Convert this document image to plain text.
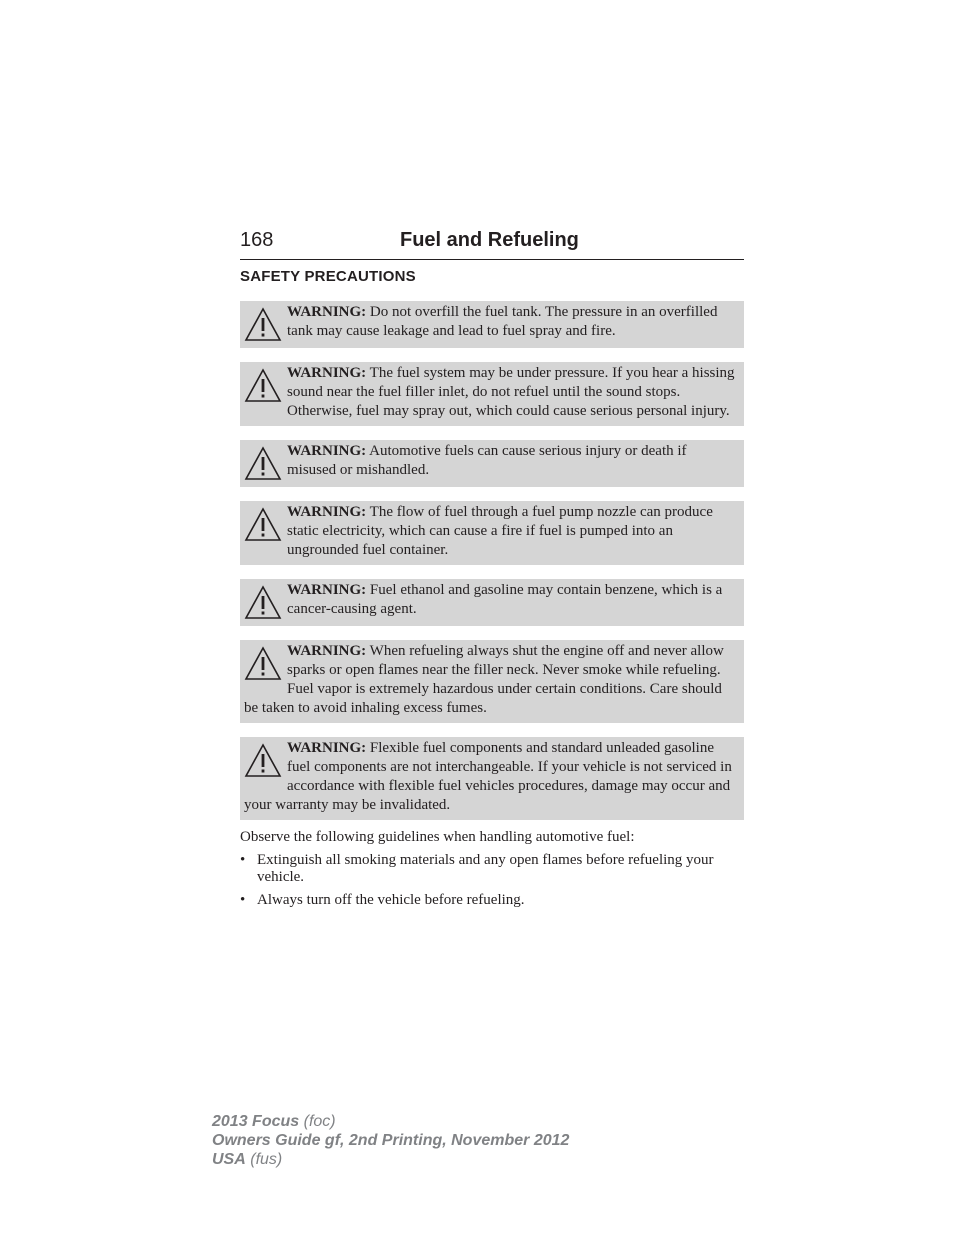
168	Fuel and Refueling
SAFETY PRECAUTIONS
WARNING: Do not overfill the fuel tank. The pressure in an overfilled tank may cause leakage and lead to fuel spray and fire.
WARNING: The fuel system may be under pressure. If you hear a hissing sound near the fuel filler inlet, do not refuel until the sound stops. Otherwise, fuel may spray out, which could cause serious personal injury.
WARNING: Automotive fuels can cause serious injury or death if misused or mishandled.
WARNING: The flow of fuel through a fuel pump nozzle can produce static electricity, which can cause a fire if fuel is pumped into an ungrounded fuel container.
WARNING: Fuel ethanol and gasoline may contain benzene, which is a cancer-causing agent.
WARNING: When refueling always shut the engine off and never allow sparks or open flames near the filler neck. Never smoke while refueling. Fuel vapor is extremely hazardous under certain conditions. Care should be taken to avoid inhaling excess fumes.
WARNING: Flexible fuel components and standard unleaded gasoline fuel components are not interchangeable. If your vehicle is not serviced in accordance with flexible fuel vehicles procedures, damage may occur and your warranty may be invalidated.
Observe the following guidelines when handling automotive fuel:
• Extinguish all smoking materials and any open flames before refueling your vehicle.
• Always turn off the vehicle before refueling.
2013 Focus (foc)
Owners Guide gf, 2nd Printing, November 2012
USA (fus)
